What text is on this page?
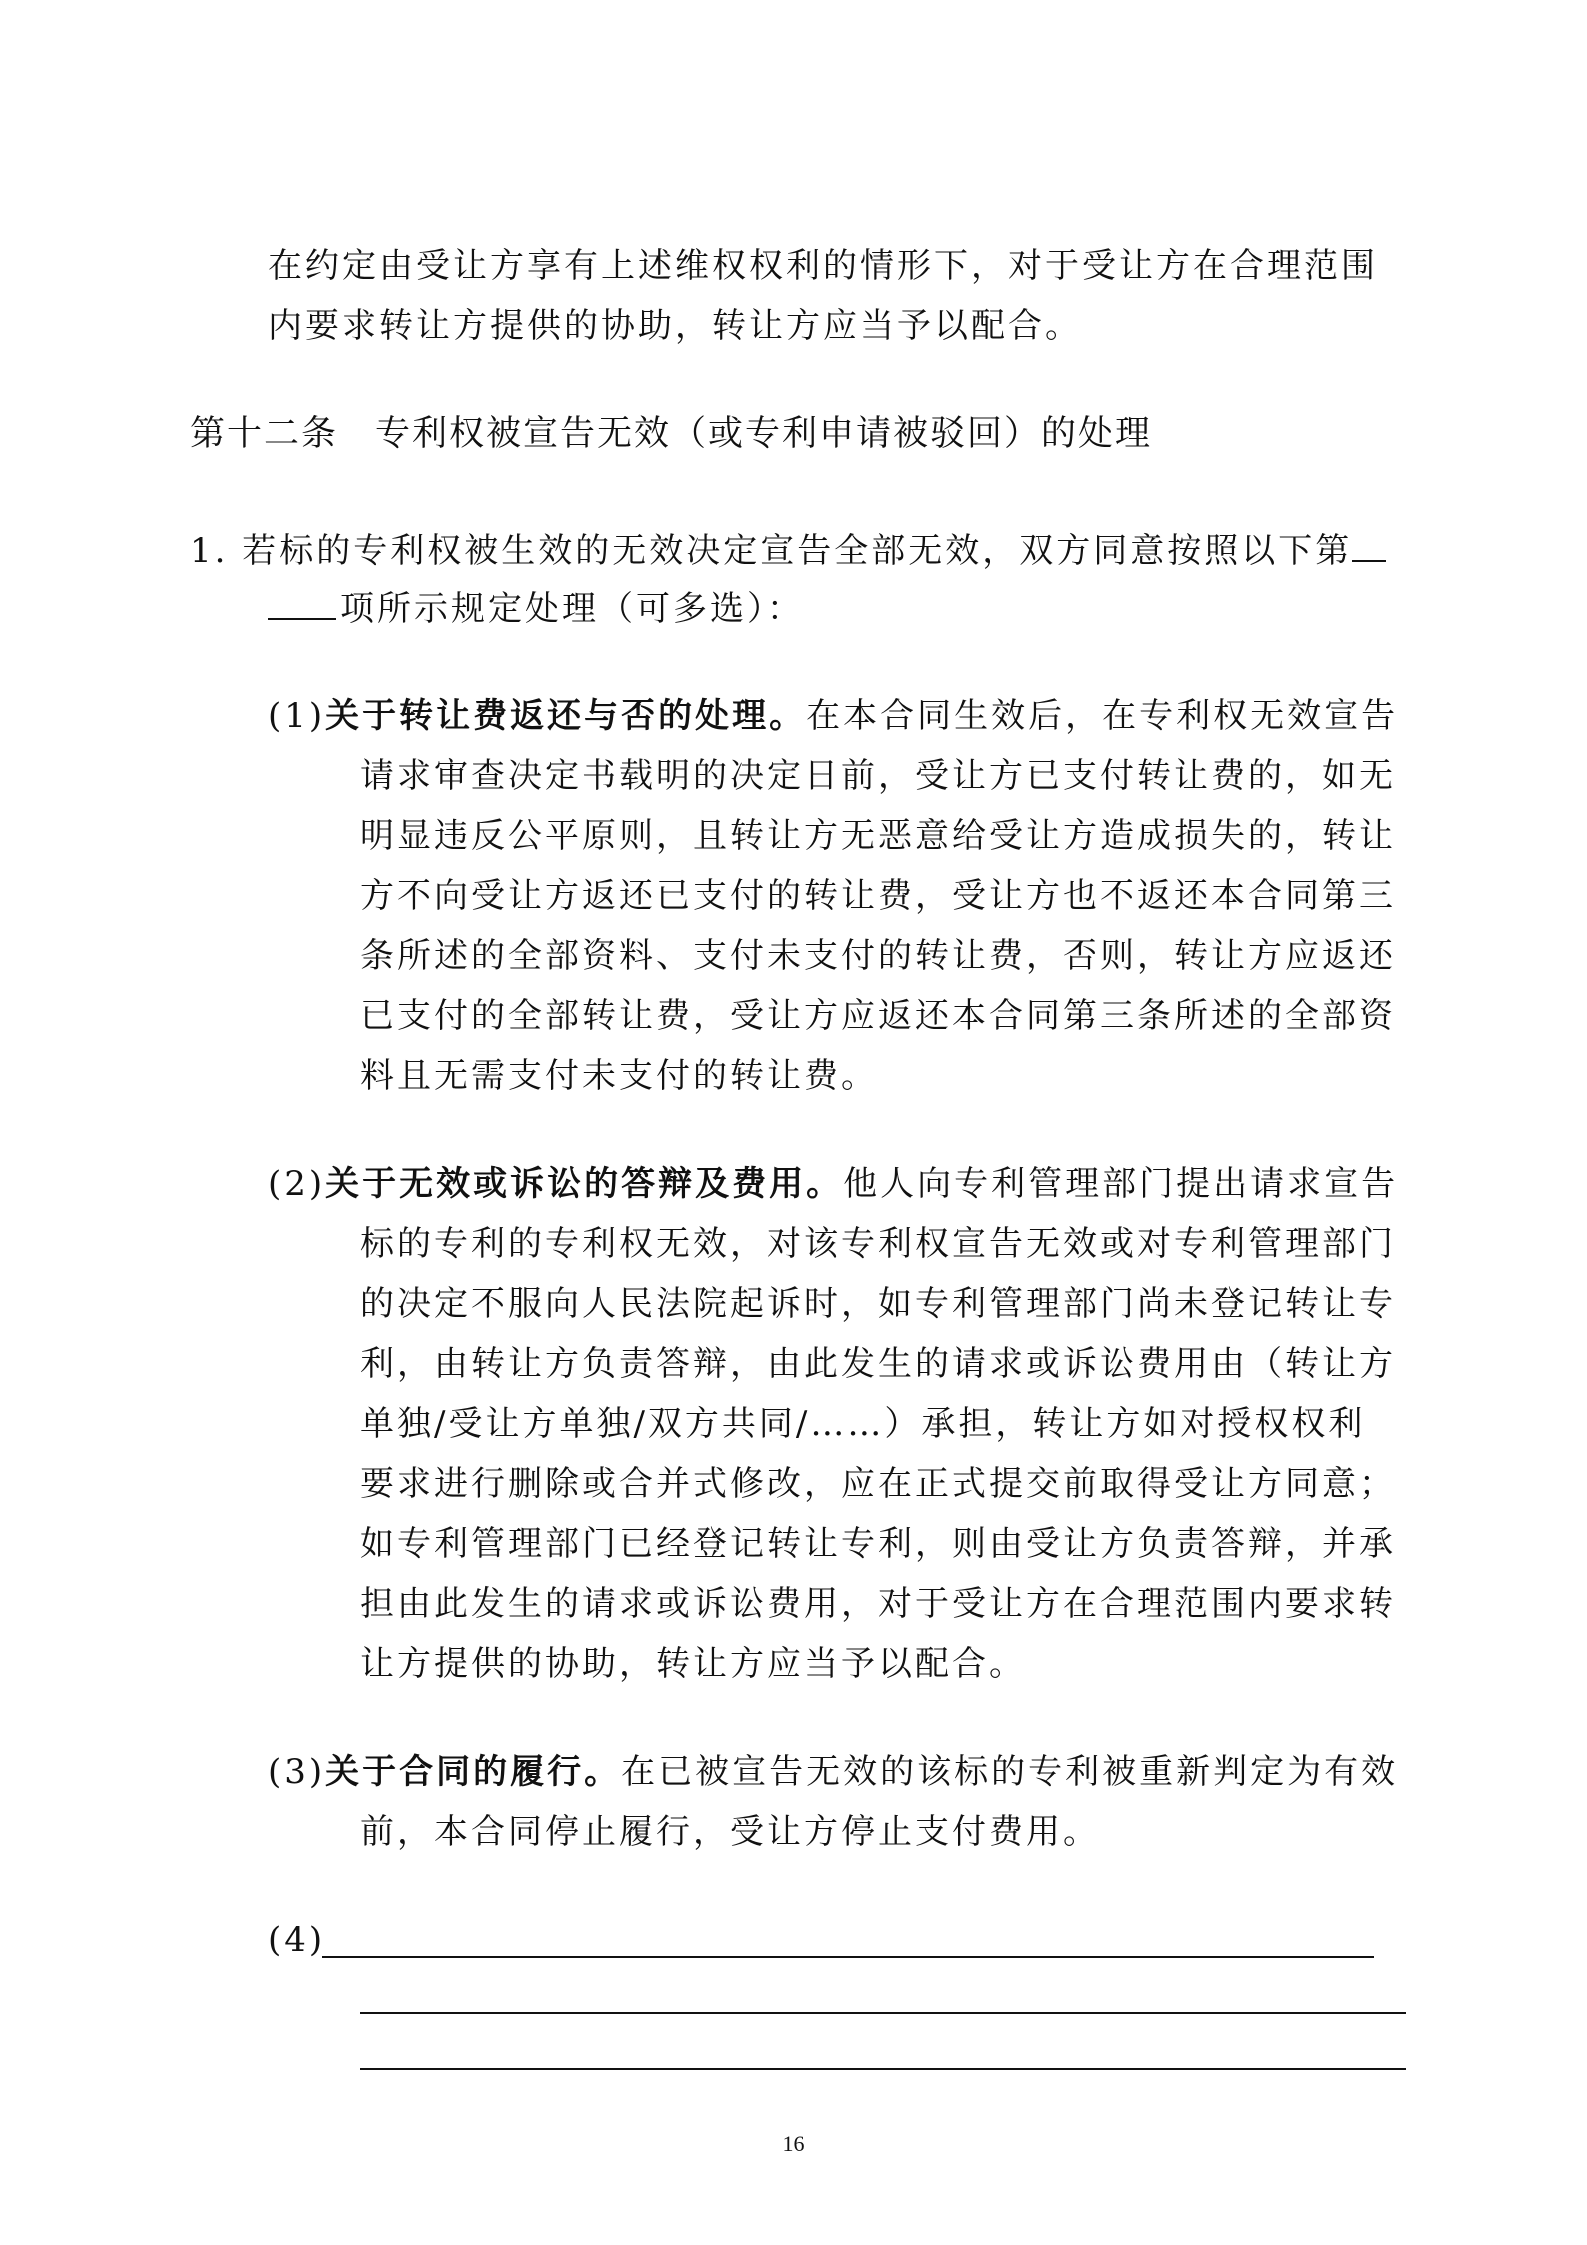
在约定由受让方享有上述维权权利的情形下，对于受让方在合理范围
内要求转让方提供的协助，转让方应当予以配合。
第十二条　专利权被宣告无效（或专利申请被驳回）的处理
1. 若标的专利权被生效的无效决定宣告全部无效，双方同意按照以下第
项所示规定处理（可多选）：
(1)关于转让费返还与否的处理。在本合同生效后，在专利权无效宣告
请求审查决定书载明的决定日前，受让方已支付转让费的，如无
明显违反公平原则，且转让方无恶意给受让方造成损失的，转让
方不向受让方返还已支付的转让费，受让方也不返还本合同第三
条所述的全部资料、支付未支付的转让费，否则，转让方应返还
已支付的全部转让费，受让方应返还本合同第三条所述的全部资
料且无需支付未支付的转让费。
(2)关于无效或诉讼的答辩及费用。他人向专利管理部门提出请求宣告
标的专利的专利权无效，对该专利权宣告无效或对专利管理部门
的决定不服向人民法院起诉时，如专利管理部门尚未登记转让专
利，由转让方负责答辩，由此发生的请求或诉讼费用由（转让方
单独/受让方单独/双方共同/……）承担，转让方如对授权权利
要求进行删除或合并式修改，应在正式提交前取得受让方同意；
如专利管理部门已经登记转让专利，则由受让方负责答辩，并承
担由此发生的请求或诉讼费用，对于受让方在合理范围内要求转
让方提供的协助，转让方应当予以配合。
(3)关于合同的履行。在已被宣告无效的该标的专利被重新判定为有效
前，本合同停止履行，受让方停止支付费用。
(4)
16
